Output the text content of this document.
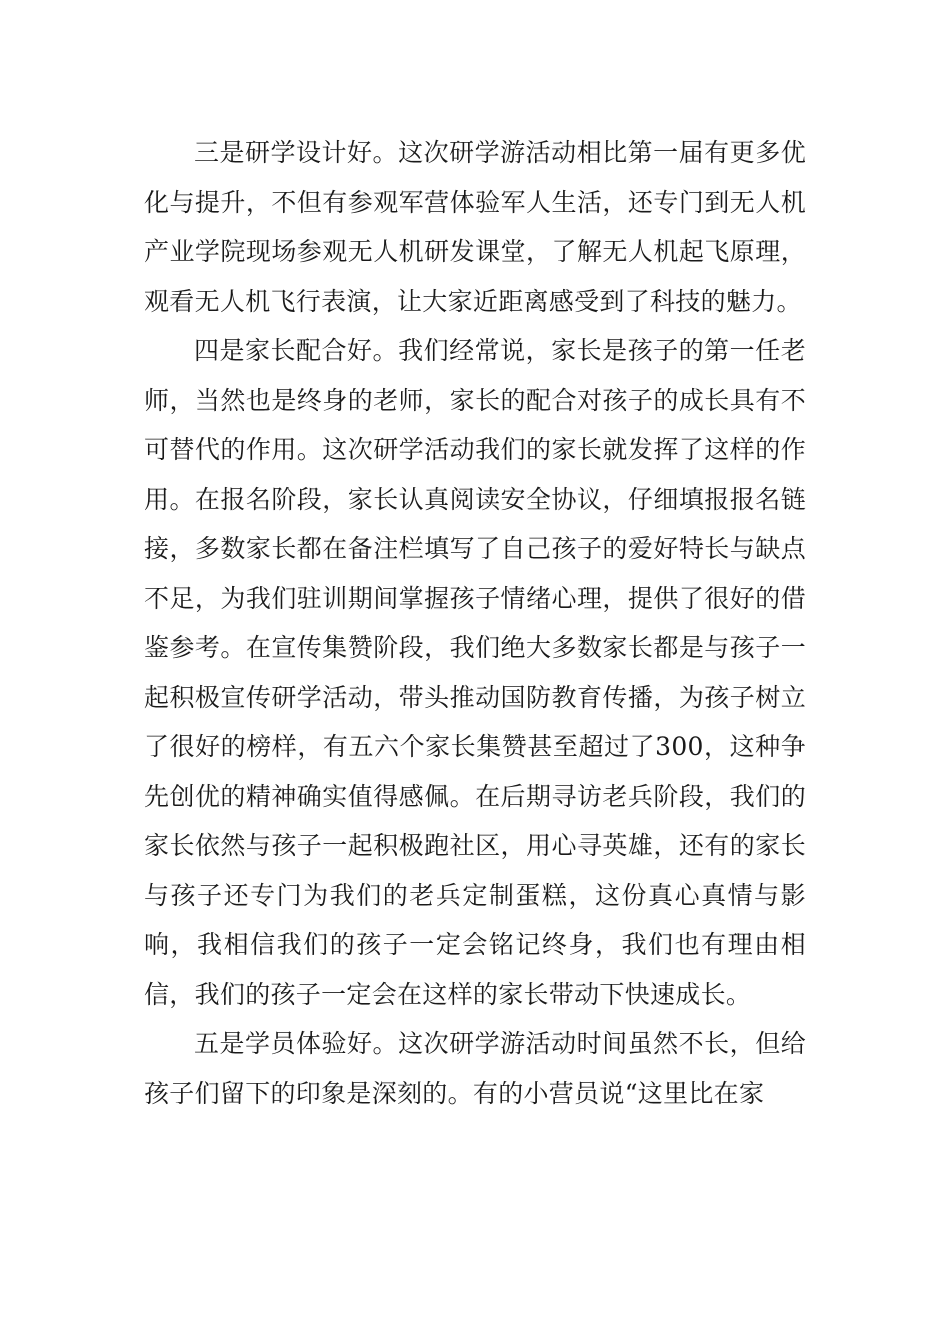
三是研学设计好。这次研学游活动相比第一届有更多优化与提升，不但有参观军营体验军人生活，还专门到无人机产业学院现场参观无人机研发课堂，了解无人机起飞原理，观看无人机飞行表演，让大家近距离感受到了科技的魅力。

四是家长配合好。我们经常说，家长是孩子的第一任老师，当然也是终身的老师，家长的配合对孩子的成长具有不可替代的作用。这次研学活动我们的家长就发挥了这样的作用。在报名阶段，家长认真阅读安全协议，仔细填报报名链接，多数家长都在备注栏填写了自己孩子的爱好特长与缺点不足，为我们驻训期间掌握孩子情绪心理，提供了很好的借鉴参考。在宣传集赞阶段，我们绝大多数家长都是与孩子一起积极宣传研学活动，带头推动国防教育传播，为孩子树立了很好的榜样，有五六个家长集赞甚至超过了300，这种争先创优的精神确实值得感佩。在后期寻访老兵阶段，我们的家长依然与孩子一起积极跑社区，用心寻英雄，还有的家长与孩子还专门为我们的老兵定制蛋糕，这份真心真情与影响，我相信我们的孩子一定会铭记终身，我们也有理由相信，我们的孩子一定会在这样的家长带动下快速成长。

五是学员体验好。这次研学游活动时间虽然不长，但给孩子们留下的印象是深刻的。有的小营员说“这里比在家
